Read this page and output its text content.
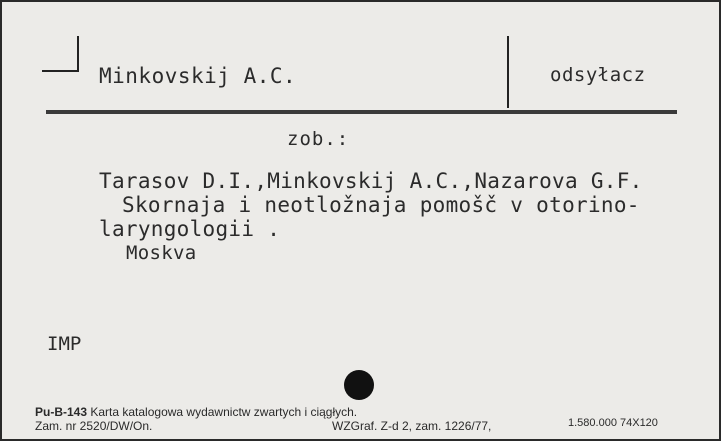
Minkovskij A.C.	odsyłacz
zob.:
Tarasov D.I.,Minkovskij A.C.,Nazarova G.F.
Skornaja i neotložnaja pomošč v otorino-
laryngologii .
Moskva
IMP
Pu-B-143 Karta katalogowa wydawnictw zwartych i ciągłych.
Zam. nr 2520/DW/On.	WZGraf. Z-d 2, zam. 1226/77,	1.580.000 74X120
